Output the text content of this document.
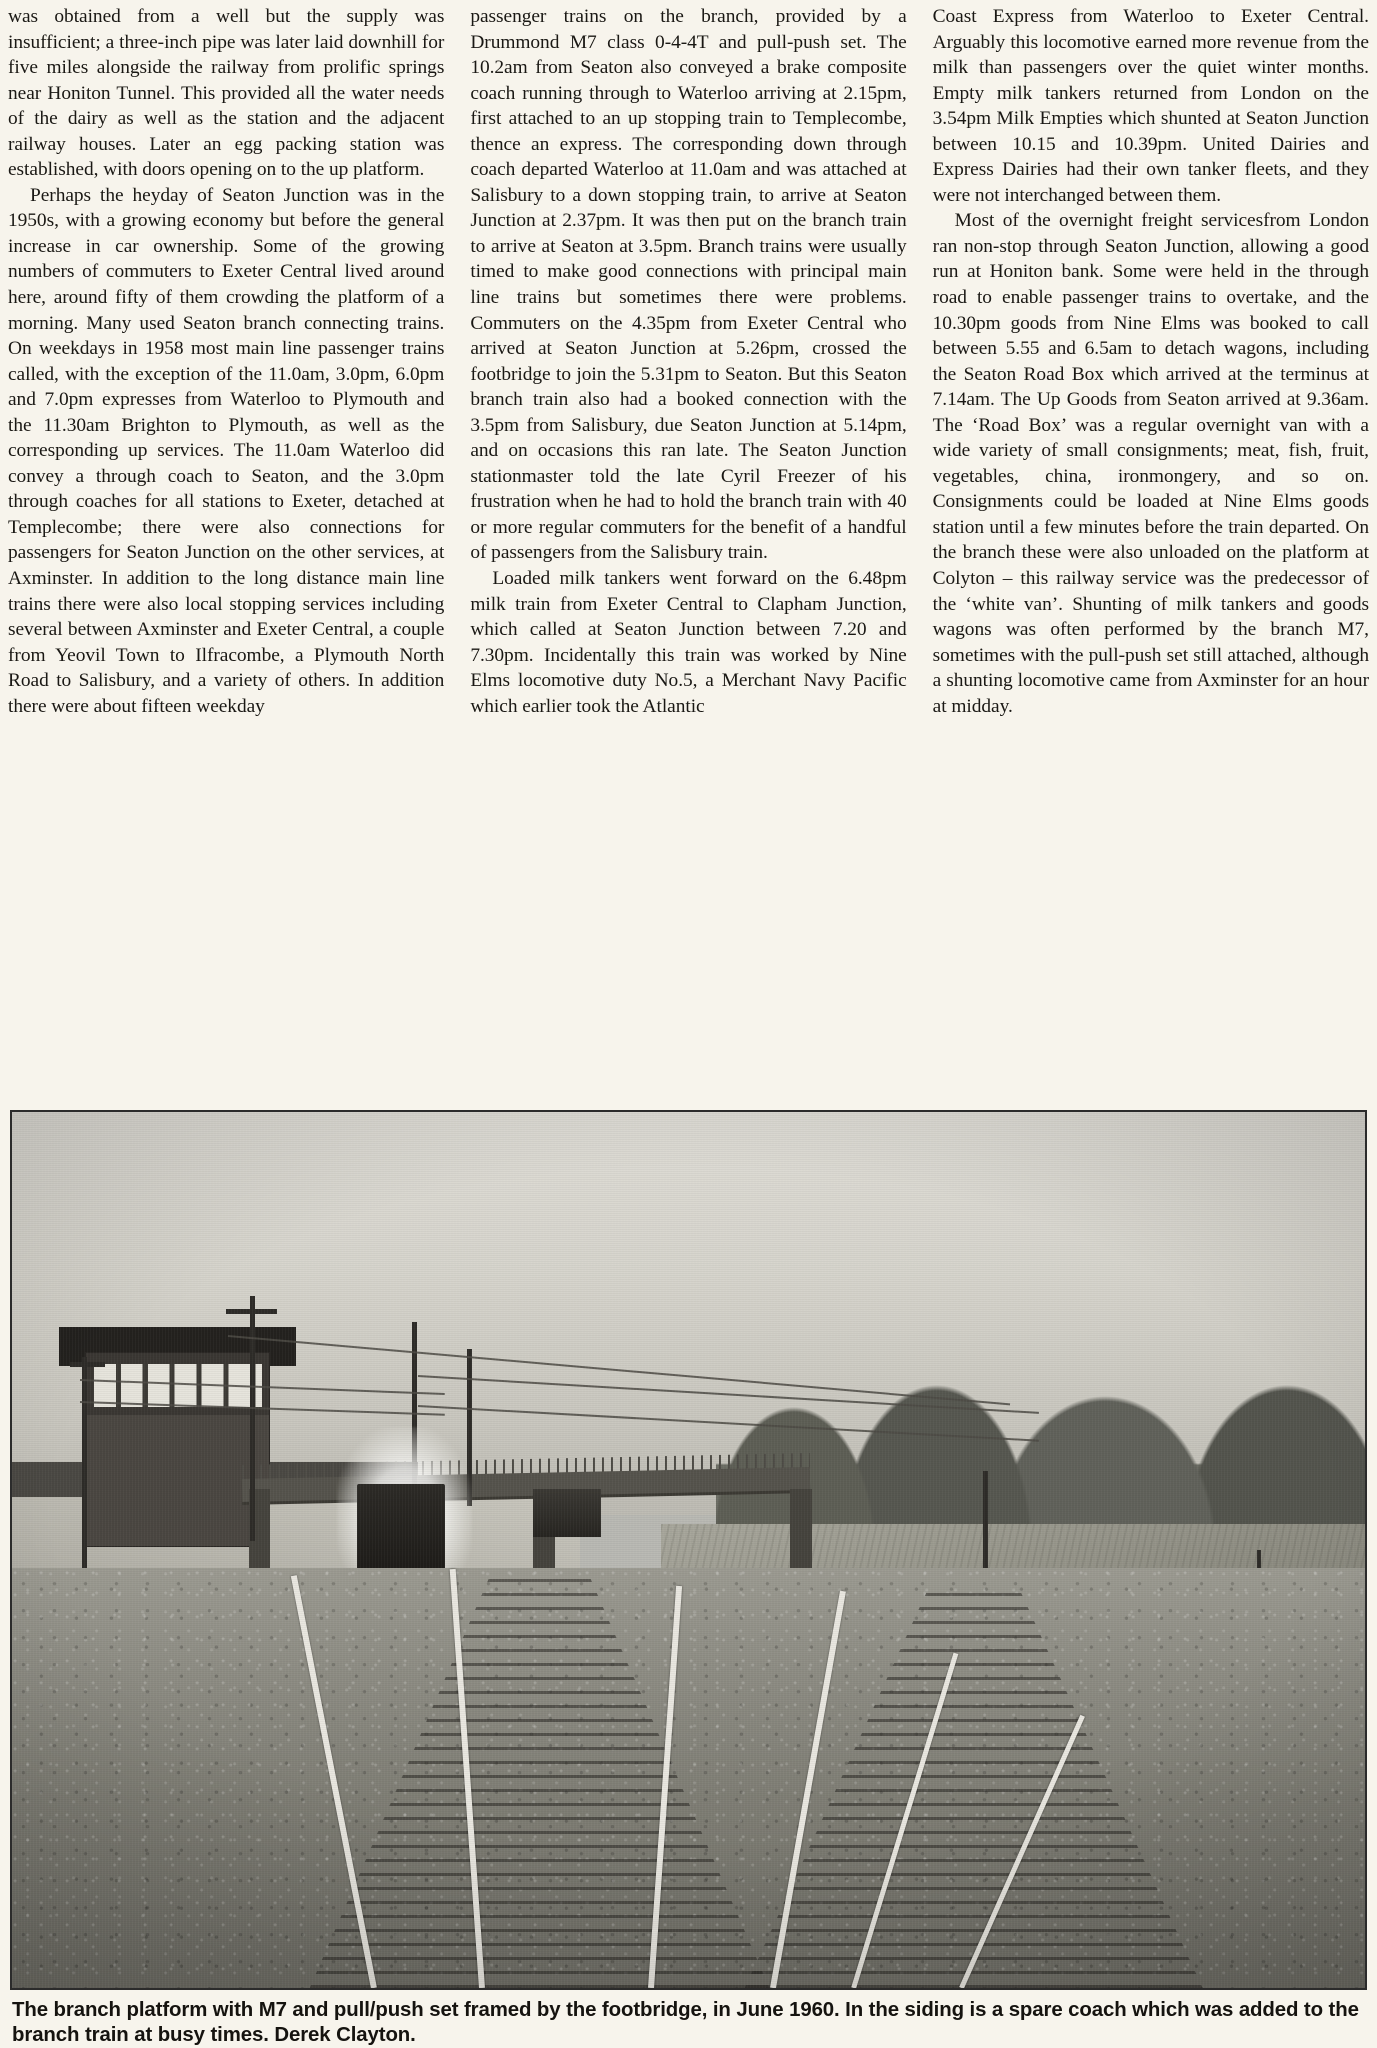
was obtained from a well but the supply was insufficient; a three-inch pipe was later laid downhill for five miles alongside the railway from prolific springs near Honiton Tunnel. This provided all the water needs of the dairy as well as the station and the adjacent railway houses. Later an egg packing station was established, with doors opening on to the up platform.

Perhaps the heyday of Seaton Junction was in the 1950s, with a growing economy but before the general increase in car ownership. Some of the growing numbers of commuters to Exeter Central lived around here, around fifty of them crowding the platform of a morning. Many used Seaton branch connecting trains. On weekdays in 1958 most main line passenger trains called, with the exception of the 11.0am, 3.0pm, 6.0pm and 7.0pm expresses from Waterloo to Plymouth and the 11.30am Brighton to Plymouth, as well as the corresponding up services. The 11.0am Waterloo did convey a through coach to Seaton, and the 3.0pm through coaches for all stations to Exeter, detached at Templecombe; there were also connections for passengers for Seaton Junction on the other services, at Axminster. In addition to the long distance main line trains there were also local stopping services including several between Axminster and Exeter Central, a couple from Yeovil Town to Ilfracombe, a Plymouth North Road to Salisbury, and a variety of others. In addition there were about fifteen weekday

passenger trains on the branch, provided by a Drummond M7 class 0-4-4T and pull-push set. The 10.2am from Seaton also conveyed a brake composite coach running through to Waterloo arriving at 2.15pm, first attached to an up stopping train to Templecombe, thence an express. The corresponding down through coach departed Waterloo at 11.0am and was attached at Salisbury to a down stopping train, to arrive at Seaton Junction at 2.37pm. It was then put on the branch train to arrive at Seaton at 3.5pm. Branch trains were usually timed to make good connections with principal main line trains but sometimes there were problems. Commuters on the 4.35pm from Exeter Central who arrived at Seaton Junction at 5.26pm, crossed the footbridge to join the 5.31pm to Seaton. But this Seaton branch train also had a booked connection with the 3.5pm from Salisbury, due Seaton Junction at 5.14pm, and on occasions this ran late. The Seaton Junction stationmaster told the late Cyril Freezer of his frustration when he had to hold the branch train with 40 or more regular commuters for the benefit of a handful of passengers from the Salisbury train.

Loaded milk tankers went forward on the 6.48pm milk train from Exeter Central to Clapham Junction, which called at Seaton Junction between 7.20 and 7.30pm. Incidentally this train was worked by Nine Elms locomotive duty No.5, a Merchant Navy Pacific which earlier took the Atlantic

Coast Express from Waterloo to Exeter Central. Arguably this locomotive earned more revenue from the milk than passengers over the quiet winter months. Empty milk tankers returned from London on the 3.54pm Milk Empties which shunted at Seaton Junction between 10.15 and 10.39pm. United Dairies and Express Dairies had their own tanker fleets, and they were not interchanged between them.

Most of the overnight freight servicesfrom London ran non-stop through Seaton Junction, allowing a good run at Honiton bank. Some were held in the through road to enable passenger trains to overtake, and the 10.30pm goods from Nine Elms was booked to call between 5.55 and 6.5am to detach wagons, including the Seaton Road Box which arrived at the terminus at 7.14am. The Up Goods from Seaton arrived at 9.36am. The ‘Road Box’ was a regular overnight van with a wide variety of small consignments; meat, fish, fruit, vegetables, china, ironmongery, and so on. Consignments could be loaded at Nine Elms goods station until a few minutes before the train departed. On the branch these were also unloaded on the platform at Colyton – this railway service was the predecessor of the ‘white van’. Shunting of milk tankers and goods wagons was often performed by the branch M7, sometimes with the pull-push set still attached, although a shunting locomotive came from Axminster for an hour at midday.

The branch platform with M7 and pull/push set framed by the footbridge, in June 1960. In the siding is a spare coach which was added to the branch train at busy times. Derek Clayton.
